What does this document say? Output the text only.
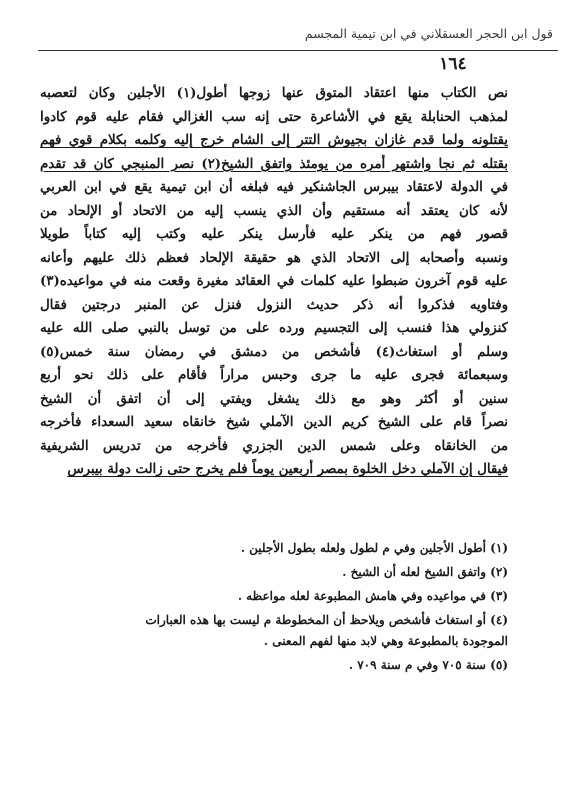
قول ابن الحجر العسقلاني في ابن تيمية المجسم
١٦٤
نص الكتاب منها اعتقاد المتوق عنها زوجها أطول(١) الأجلين وكان لتعصبه
لمذهب الحنابلة يقع في الأشاعرة حتى إنه سب الغزالي فقام عليه قوم كادوا
يقتلونه ولما قدم غازان بجيوش التتر إلى الشام خرج إليه وكلمه بكلام قوي فهم
بقتله ثم نجا واشتهر أمره من يومئذ واتفق الشيخ(٢) نصر المنبجي كان قد تقدم
في الدولة لاعتقاد بيبرس الجاشنكير فيه فبلغه أن ابن تيمية يقع في ابن العربي
لأنه كان يعتقد أنه مستقيم وأن الذي ينسب إليه من الاتحاد أو الإلحاد من
قصور فهم من ينكر عليه فأرسل ينكر عليه وكتب إليه كتاباً طويلا
ونسبه وأصحابه إلى الاتحاد الذي هو حقيقة الإلحاد فعظم ذلك عليهم وأعانه
عليه قوم آخرون ضبطوا عليه كلمات في العقائد مغيرة وقعت منه في مواعيده(٣)
وفتاويه فذكروا أنه ذكر حديث النزول فنزل عن المنبر درجتين فقال
كنزولي هذا فنسب إلى التجسيم ورده على من توسل بالنبي صلى الله عليه
وسلم أو استغاث(٤) فأشخص من دمشق في رمضان سنة خمس(٥)
وسبعمائة فجرى عليه ما جرى وحبس مراراً فأقام على ذلك نحو أربع
سنين أو أكثر وهو مع ذلك يشغل ويفتي إلى أن اتفق أن الشيخ
نصراً قام على الشيخ كريم الدين الآملي شيخ خانقاه سعيد السعداء فأخرجه
من الخانقاه وعلى شمس الدين الجزري فأخرجه من تدريس الشريفية
فيقال إن الآملي دخل الخلوة بمصر أربعين يوماً فلم يخرج حتى زالت دولة بيبرس
(١) أطول الأجلين وفي م لطول ولعله بطول الأجلين .
(٢) واتفق الشيخ لعله أن الشيخ .
(٣) في مواعيده وفي هامش المطبوعة لعله مواعظه .
(٤) أو استغاث فأشخص ويلاحظ أن المخطوطة م ليست بها هذه العبارات
الموجودة بالمطبوعة وهي لابد منها لفهم المعنى .
(٥) سنة ٧٠٥ وفي م سنة ٧٠٩ .
